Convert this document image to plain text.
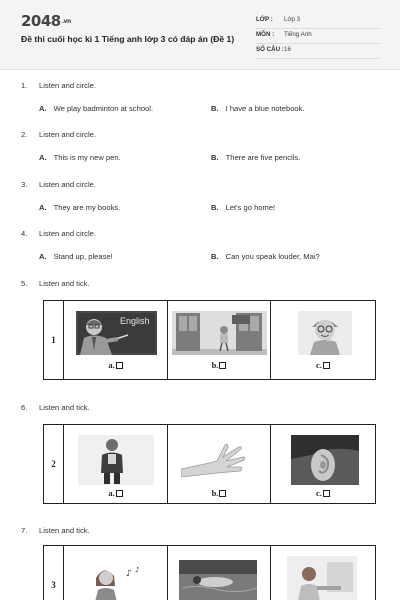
2048.vn
Đề thi cuối học kì 1 Tiếng anh lớp 3 có đáp án (Đề 1)
LỚP : Lớp 3
MÔN : Tiếng Anh
SỐ CÂU : 16
1. Listen and circle.
A. We play badminton at school.	B. I have a blue notebook.
2. Listen and circle.
A. This is my new pen.	B. There are five pencils.
3. Listen and circle.
A. They are my books.	B. Let's go home!
4. Listen and circle.
A. Stand up, please!	B. Can you speak louder, Mai?
5. Listen and tick.
1	
English
a.	b.	c.
6. Listen and tick.
2	
a.	b.	c.
7. Listen and tick.
3	
♪ ♪
